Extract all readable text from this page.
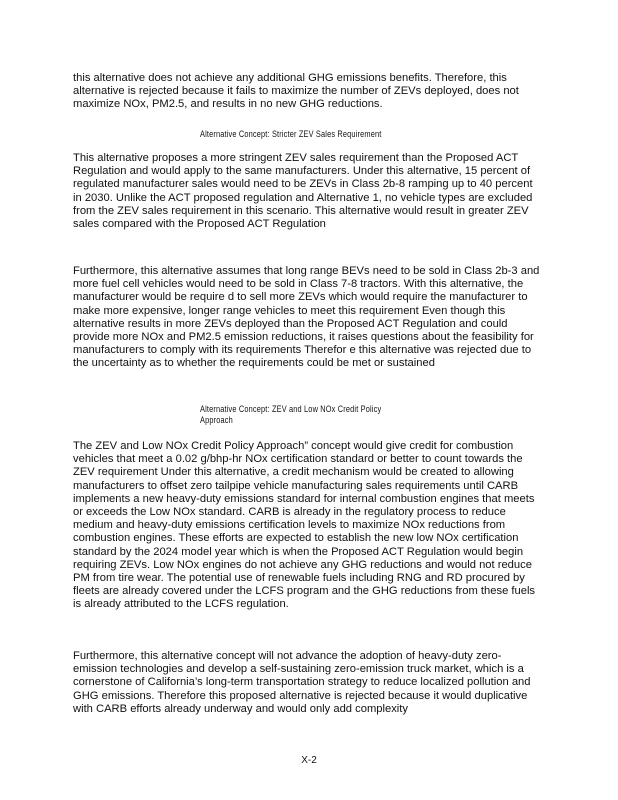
this alternative does not achieve any additional GHG emissions benefits. Therefore, this alternative is rejected because it fails to maximize the number of ZEVs deployed, does not maximize NOx, PM2.5, and results in no new GHG reductions.

Alternative Concept: Stricter ZEV Sales Requirement

This alternative proposes a more stringent ZEV sales requirement than the Proposed ACT Regulation and would apply to the same manufacturers. Under this alternative, 15 percent of regulated manufacturer sales would need to be ZEVs in Class 2b-8 ramping up to 40 percent in 2030. Unlike the ACT proposed regulation and Alternative 1, no vehicle types are excluded from the ZEV sales requirement in this scenario. This alternative would result in greater ZEV sales compared with the Proposed ACT Regulation

Furthermore, this alternative assumes that long range BEVs need to be sold in Class 2b-3 and more fuel cell vehicles would need to be sold in Class 7-8 tractors. With this alternative, the manufacturer would be require d to sell more ZEVs which would require the manufacturer to make more expensive, longer range vehicles to meet this requirement Even though this alternative results in more ZEVs deployed than the Proposed ACT Regulation and could provide more NOx and PM2.5 emission reductions, it raises questions about the feasibility for manufacturers to comply with its requirements Therefor e this alternative was rejected due to the uncertainty as to whether the requirements could be met or sustained

Alternative Concept: ZEV and Low NOx Credit Policy
Approach

The ZEV and Low NOx Credit Policy Approach” concept would give credit for combustion vehicles that meet a 0.02 g/bhp-hr NOx certification standard or better to count towards the ZEV requirement Under this alternative, a credit mechanism would be created to allowing manufacturers to offset zero tailpipe vehicle manufacturing sales requirements until CARB implements a new heavy-duty emissions standard for internal combustion engines that meets or exceeds the Low NOx standard. CARB is already in the regulatory process to reduce medium and heavy-duty emissions certification levels to maximize NOx reductions from combustion engines. These efforts are expected to establish the new low NOx certification standard by the 2024 model year which is when the Proposed ACT Regulation would begin requiring ZEVs. Low NOx engines do not achieve any GHG reductions and would not reduce PM from tire wear. The potential use of renewable fuels including RNG and RD procured by fleets are already covered under the LCFS program and the GHG reductions from these fuels is already attributed to the LCFS regulation.

Furthermore, this alternative concept will not advance the adoption of heavy-duty zero-emission technologies and develop a self-sustaining zero-emission truck market, which is a cornerstone of California’s long-term transportation strategy to reduce localized pollution and GHG emissions. Therefore this proposed alternative is rejected because it would duplicative with CARB efforts already underway and would only add complexity

X-2
